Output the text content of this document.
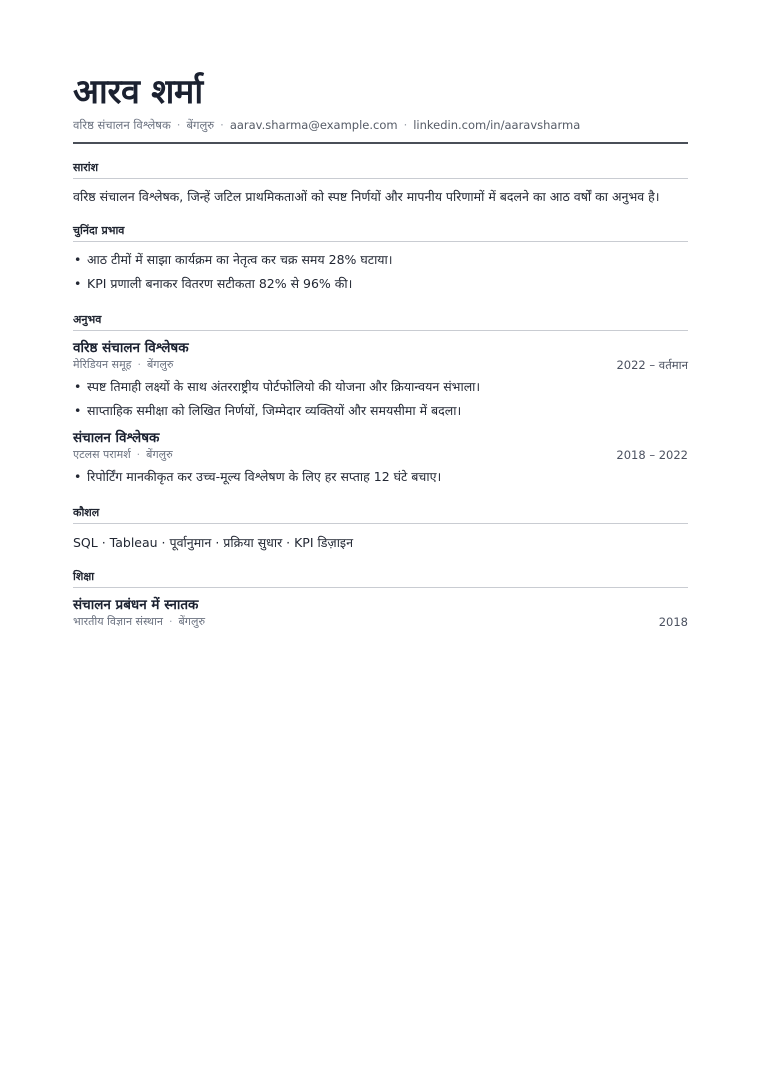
आरव शर्मा
वरिष्ठ संचालन विश्लेषक · बेंगलुरु · aarav.sharma@example.com · linkedin.com/in/aaravsharma
सारांश

वरिष्ठ संचालन विश्लेषक, जिन्हें जटिल प्राथमिकताओं को स्पष्ट निर्णयों और मापनीय परिणामों में बदलने का आठ वर्षों का अनुभव है।

चुनिंदा प्रभाव
• आठ टीमों में साझा कार्यक्रम का नेतृत्व कर चक्र समय 28% घटाया।
• KPI प्रणाली बनाकर वितरण सटीकता 82% से 96% की।
अनुभव
वरिष्ठ संचालन विश्लेषक
मेरिडियन समूह · बेंगलुरु	2022 – वर्तमान
• स्पष्ट तिमाही लक्ष्यों के साथ अंतरराष्ट्रीय पोर्टफोलियो की योजना और क्रियान्वयन संभाला।
• साप्ताहिक समीक्षा को लिखित निर्णयों, जिम्मेदार व्यक्तियों और समयसीमा में बदला।
संचालन विश्लेषक
एटलस परामर्श · बेंगलुरु	2018 – 2022
• रिपोर्टिंग मानकीकृत कर उच्च-मूल्य विश्लेषण के लिए हर सप्ताह 12 घंटे बचाए।
कौशल

SQL · Tableau · पूर्वानुमान · प्रक्रिया सुधार · KPI डिज़ाइन

शिक्षा
संचालन प्रबंधन में स्नातक
भारतीय विज्ञान संस्थान · बेंगलुरु	2018
